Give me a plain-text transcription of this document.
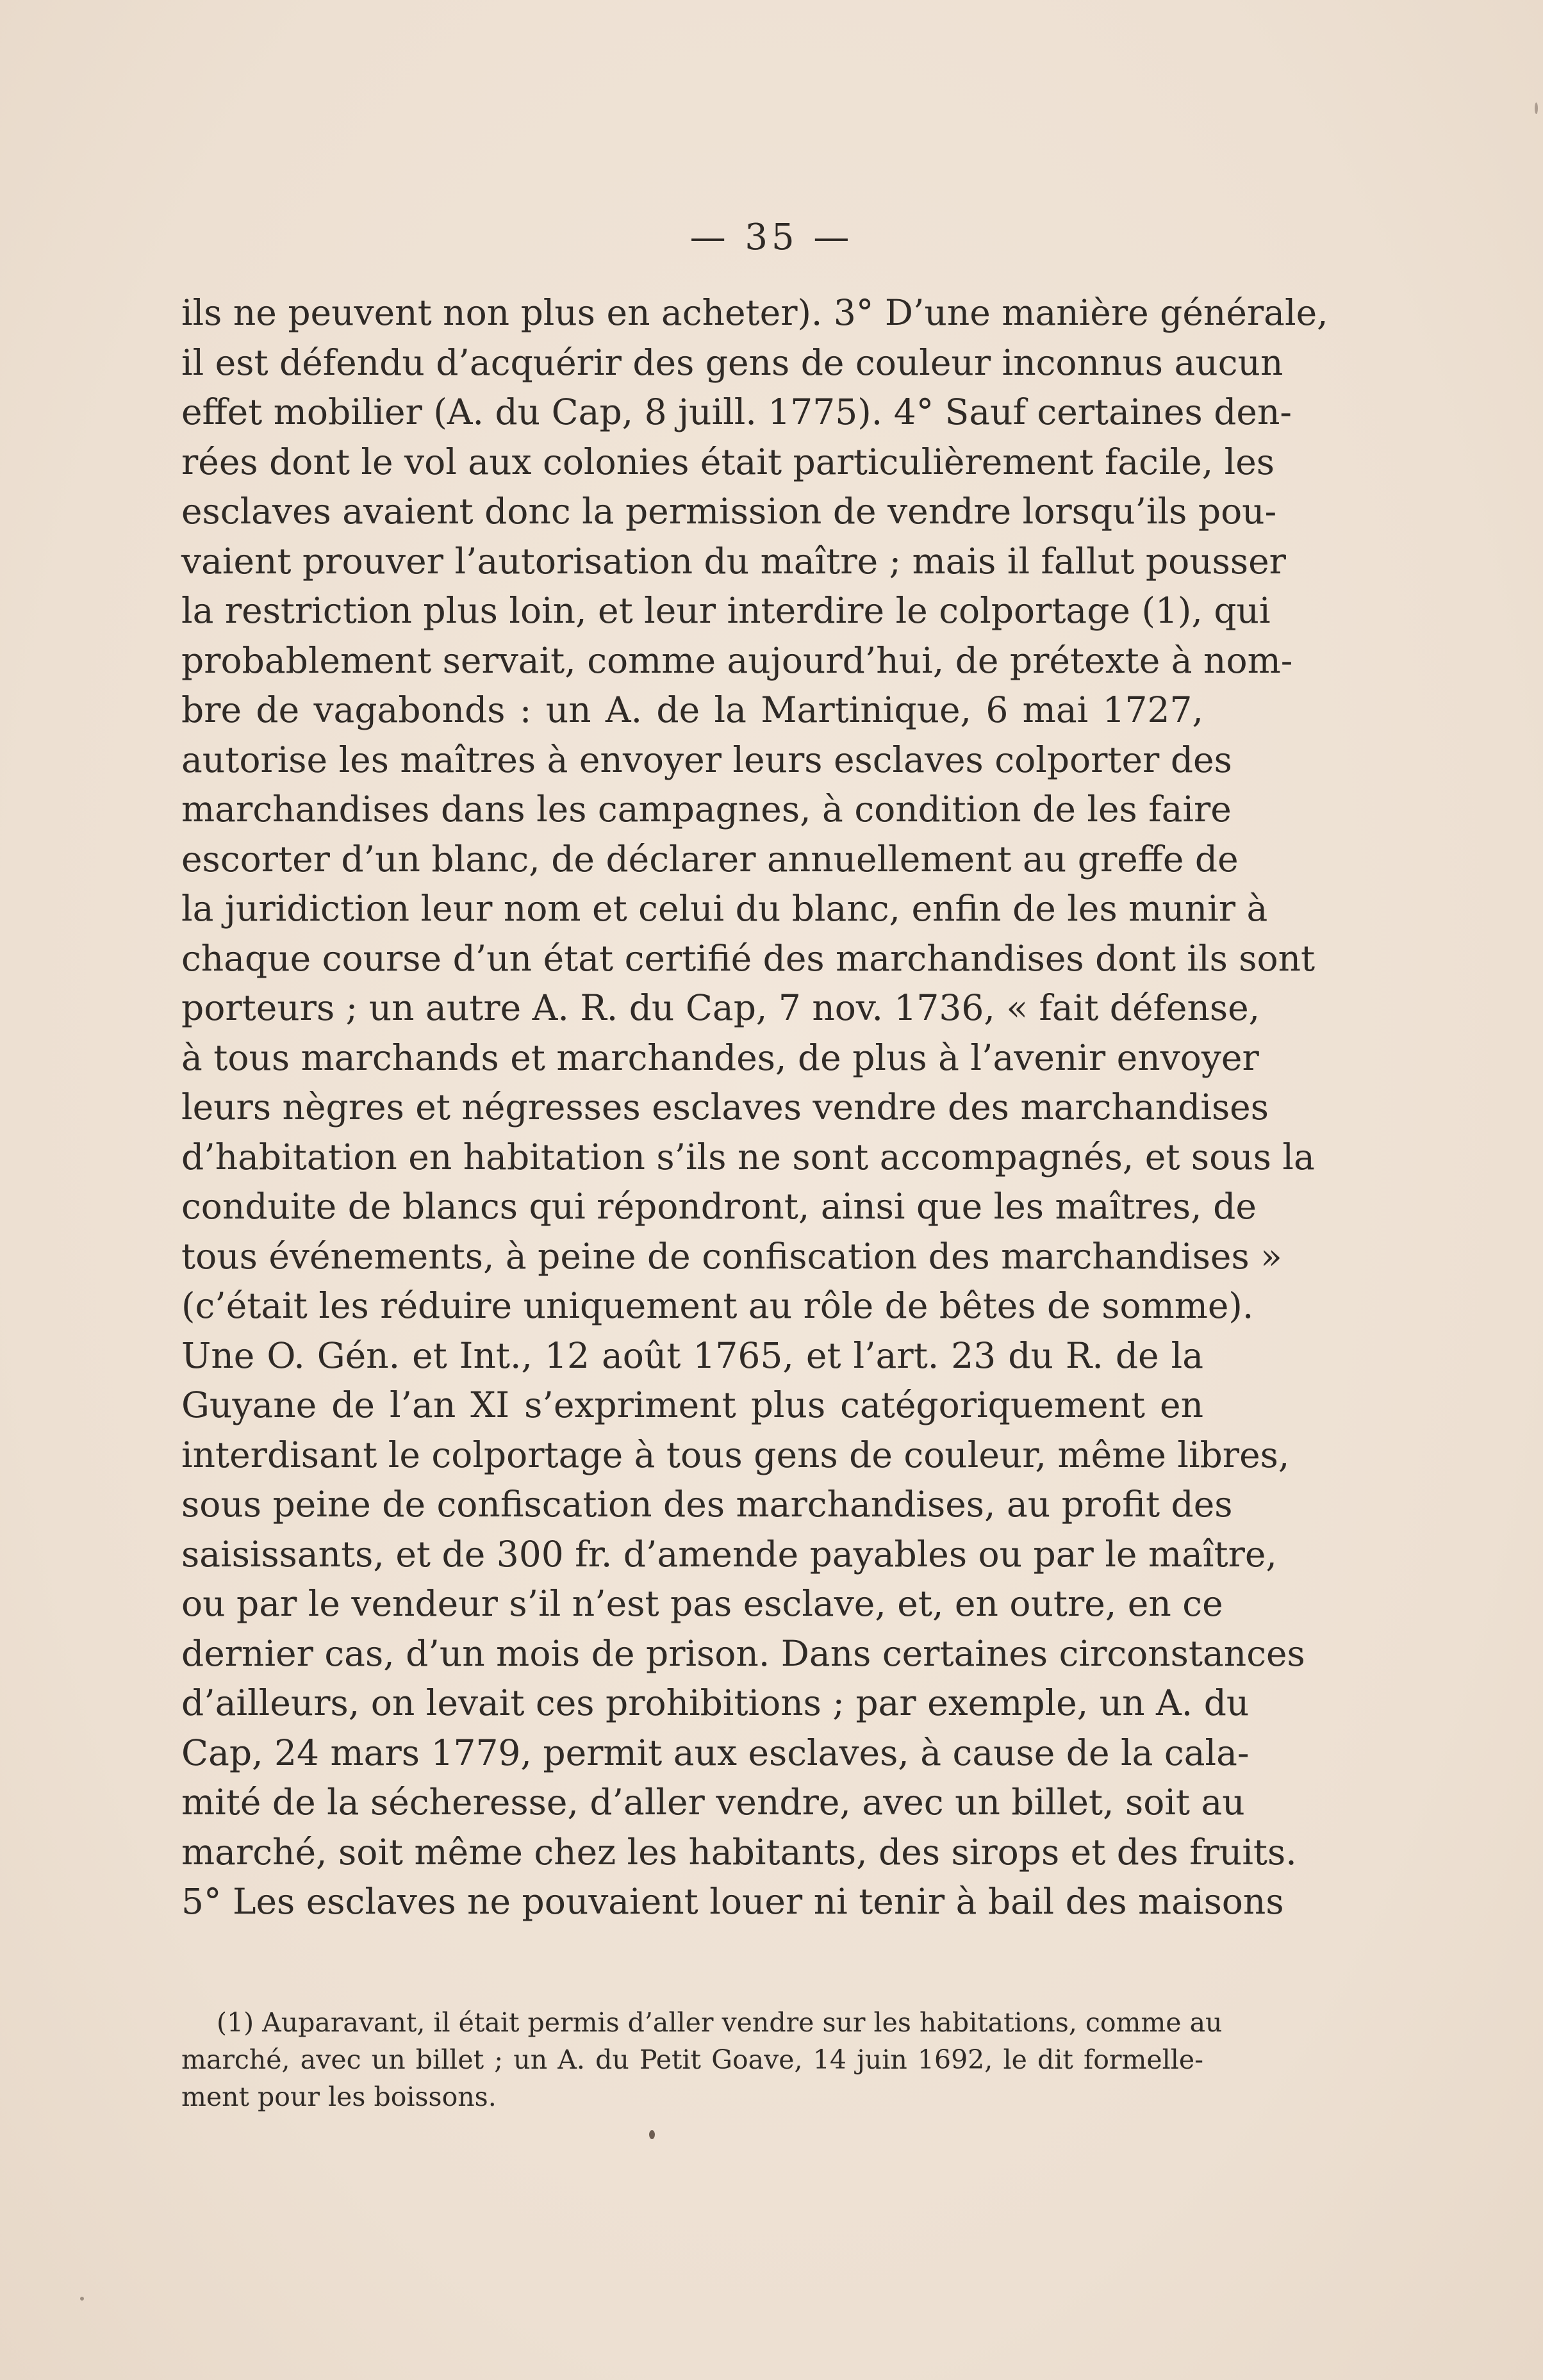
— 35 —
ils ne peuvent non plus en acheter). 3° D’une manière générale,
il est défendu d’acquérir des gens de couleur inconnus aucun
effet mobilier (A. du Cap, 8 juill. 1775). 4° Sauf certaines den-
rées dont le vol aux colonies était particulièrement facile, les
esclaves avaient donc la permission de vendre lorsqu’ils pou-
vaient prouver l’autorisation du maître ; mais il fallut pousser
la restriction plus loin, et leur interdire le colportage (1), qui
probablement servait, comme aujourd’hui, de prétexte à nom-
bre de vagabonds : un A. de la Martinique, 6 mai 1727,
autorise les maîtres à envoyer leurs esclaves colporter des
marchandises dans les campagnes, à condition de les faire
escorter d’un blanc, de déclarer annuellement au greffe de
la juridiction leur nom et celui du blanc, enfin de les munir à
chaque course d’un état certifié des marchandises dont ils sont
porteurs ; un autre A. R. du Cap, 7 nov. 1736, « fait défense,
à tous marchands et marchandes, de plus à l’avenir envoyer
leurs nègres et négresses esclaves vendre des marchandises
d’habitation en habitation s’ils ne sont accompagnés, et sous la
conduite de blancs qui répondront, ainsi que les maîtres, de
tous événements, à peine de confiscation des marchandises »
(c’était les réduire uniquement au rôle de bêtes de somme).
Une O. Gén. et Int., 12 août 1765, et l’art. 23 du R. de la
Guyane de l’an XI s’expriment plus catégoriquement en
interdisant le colportage à tous gens de couleur, même libres,
sous peine de confiscation des marchandises, au profit des
saisissants, et de 300 fr. d’amende payables ou par le maître,
ou par le vendeur s’il n’est pas esclave, et, en outre, en ce
dernier cas, d’un mois de prison. Dans certaines circonstances
d’ailleurs, on levait ces prohibitions ; par exemple, un A. du
Cap, 24 mars 1779, permit aux esclaves, à cause de la cala-
mité de la sécheresse, d’aller vendre, avec un billet, soit au
marché, soit même chez les habitants, des sirops et des fruits.
5° Les esclaves ne pouvaient louer ni tenir à bail des maisons
(1) Auparavant, il était permis d’aller vendre sur les habitations, comme au
marché, avec un billet ; un A. du Petit Goave, 14 juin 1692, le dit formelle-
ment pour les boissons.
